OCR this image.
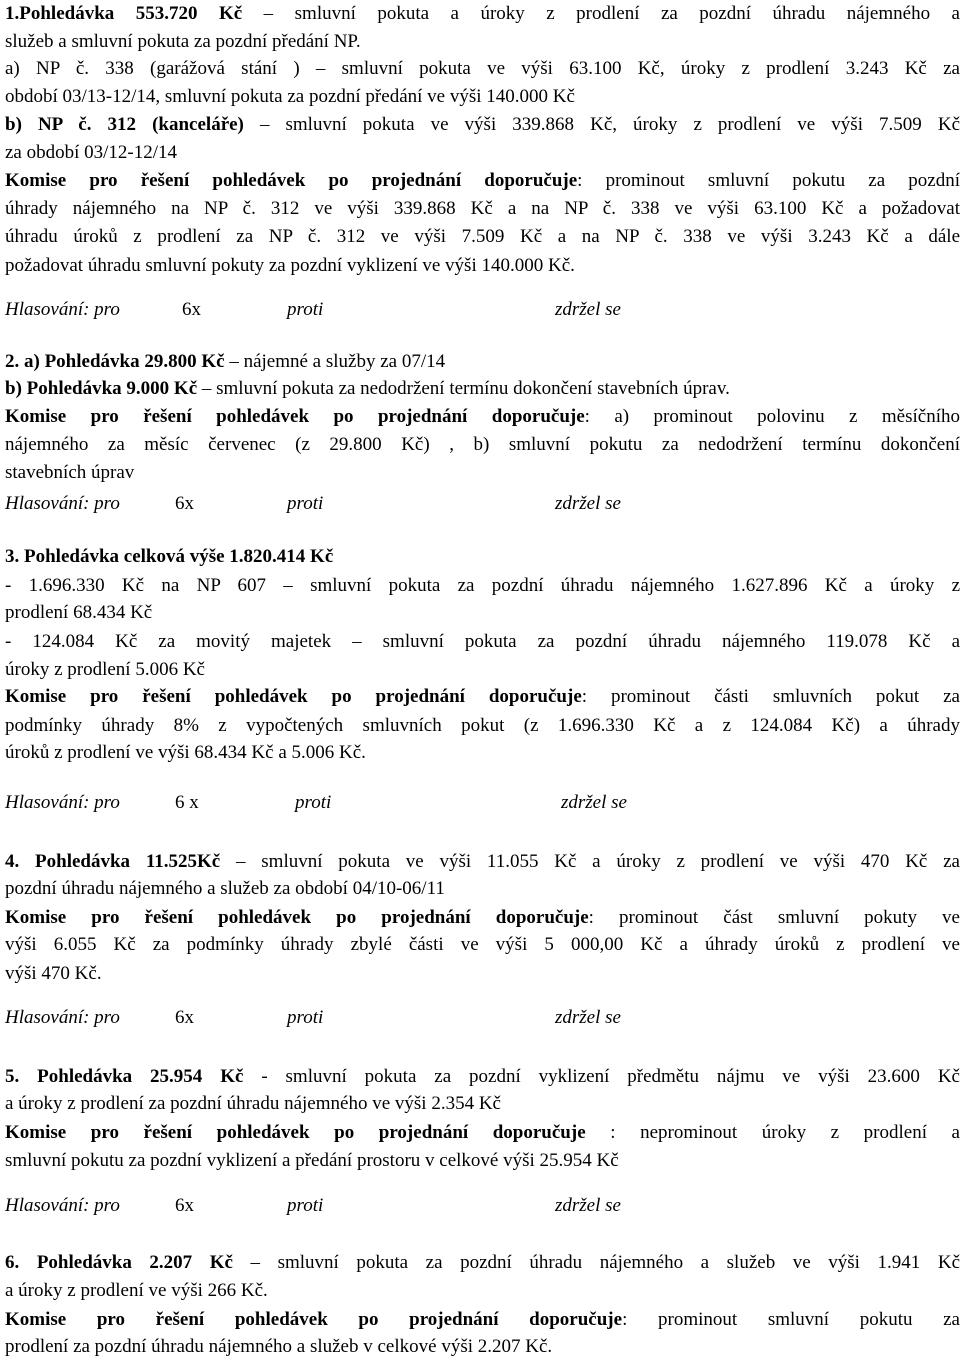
1.Pohledávka 553.720 Kč – smluvní pokuta a úroky z prodlení za pozdní úhradu nájemného a
služeb a smluvní pokuta za pozdní předání NP.
a) NP č. 338 (garážová stání ) – smluvní pokuta ve výši 63.100 Kč, úroky z prodlení 3.243 Kč za
období 03/13-12/14, smluvní pokuta za pozdní předání ve výši 140.000 Kč
b) NP č. 312 (kanceláře) – smluvní pokuta ve výši 339.868 Kč, úroky z prodlení ve výši 7.509 Kč
za období 03/12-12/14
Komise pro řešení pohledávek po projednání doporučuje: prominout smluvní pokutu za pozdní
úhrady nájemného na NP č. 312 ve výši 339.868 Kč a na NP č. 338 ve výši 63.100 Kč a požadovat
úhradu úroků z prodlení za NP č. 312 ve výši 7.509 Kč a na NP č. 338 ve výši 3.243 Kč a dále
požadovat úhradu smluvní pokuty za pozdní vyklizení ve výši 140.000 Kč.
Hlasování: pro	6x	proti	zdržel se
2. a) Pohledávka 29.800 Kč – nájemné a služby za 07/14
b) Pohledávka 9.000 Kč – smluvní pokuta za nedodržení termínu dokončení stavebních úprav.
Komise pro řešení pohledávek po projednání doporučuje: a) prominout polovinu z měsíčního
nájemného za měsíc červenec (z 29.800 Kč) , b) smluvní pokutu za nedodržení termínu dokončení
stavebních úprav
Hlasování: pro	6x	proti	zdržel se
3. Pohledávka celková výše 1.820.414 Kč
- 1.696.330 Kč na NP 607 – smluvní pokuta za pozdní úhradu nájemného 1.627.896 Kč a úroky z
prodlení 68.434 Kč
- 124.084 Kč za movitý majetek – smluvní pokuta za pozdní úhradu nájemného 119.078 Kč a
úroky z prodlení 5.006 Kč
Komise pro řešení pohledávek po projednání doporučuje: prominout části smluvních pokut za
podmínky úhrady 8% z vypočtených smluvních pokut (z 1.696.330 Kč a z 124.084 Kč) a úhrady
úroků z prodlení ve výši 68.434 Kč a 5.006 Kč.
Hlasování: pro	6 x	proti	zdržel se
4. Pohledávka 11.525Kč – smluvní pokuta ve výši 11.055 Kč a úroky z prodlení ve výši 470 Kč za
pozdní úhradu nájemného a služeb za období 04/10-06/11
Komise pro řešení pohledávek po projednání doporučuje: prominout část smluvní pokuty ve
výši 6.055 Kč za podmínky úhrady zbylé části ve výši 5 000,00 Kč a úhrady úroků z prodlení ve
výši 470 Kč.
Hlasování: pro	6x	proti	zdržel se
5. Pohledávka 25.954 Kč - smluvní pokuta za pozdní vyklizení předmětu nájmu ve výši 23.600 Kč
a úroky z prodlení za pozdní úhradu nájemného ve výši 2.354 Kč
Komise pro řešení pohledávek po projednání doporučuje : neprominout úroky z prodlení a
smluvní pokutu za pozdní vyklizení a předání prostoru v celkové výši 25.954 Kč
Hlasování: pro	6x	proti	zdržel se
6. Pohledávka 2.207 Kč – smluvní pokuta za pozdní úhradu nájemného a služeb ve výši 1.941 Kč
a úroky z prodlení ve výši 266 Kč.
Komise pro řešení pohledávek po projednání doporučuje: prominout smluvní pokutu za
prodlení za pozdní úhradu nájemného a služeb v celkové výši 2.207 Kč.
